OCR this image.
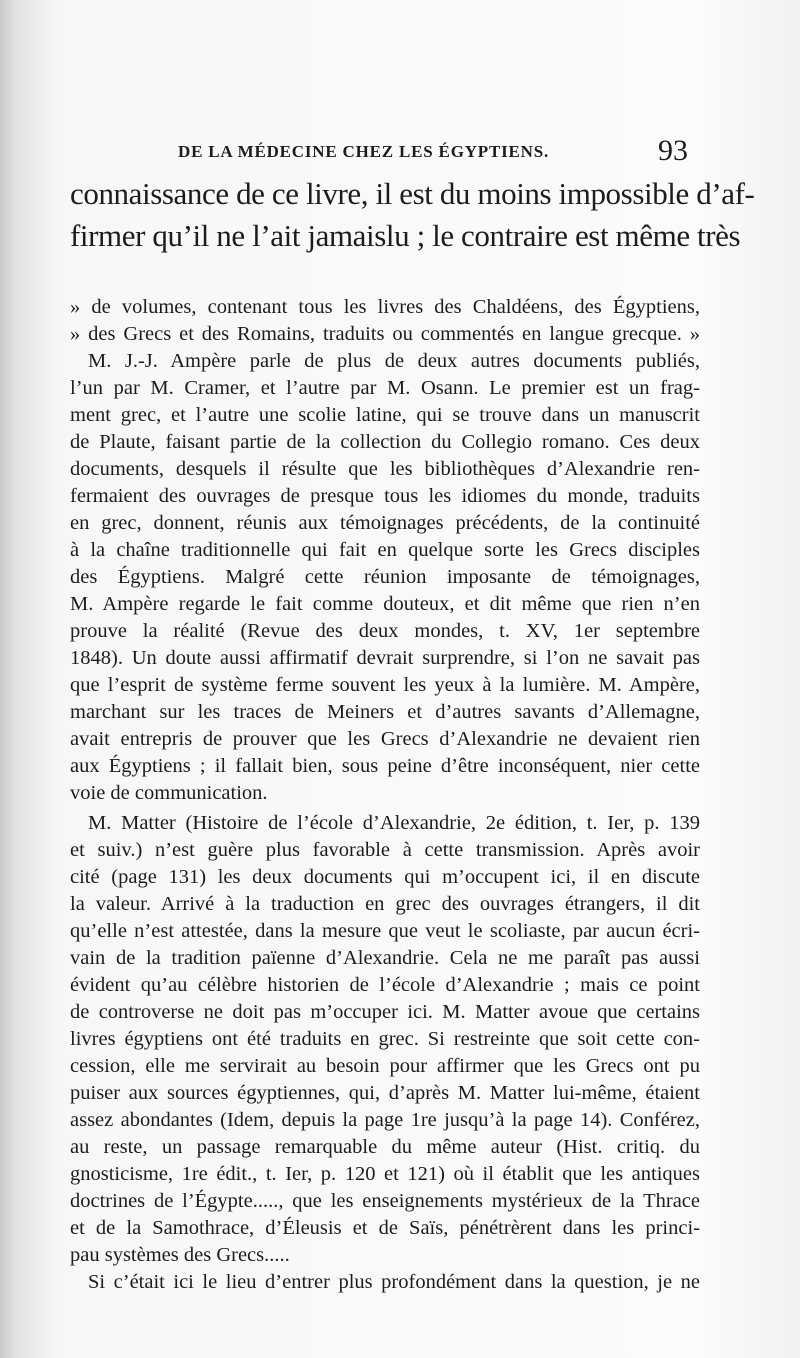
DE LA MÉDECINE CHEZ LES ÉGYPTIENS.	93
connaissance de ce livre, il est du moins impossible d’af-
firmer qu’il ne l’ait jamaislu ; le contraire est même très
» de volumes, contenant tous les livres des Chaldéens, des Égyptiens,
» des Grecs et des Romains, traduits ou commentés en langue grecque. »
M. J.-J. Ampère parle de plus de deux autres documents publiés,
l’un par M. Cramer, et l’autre par M. Osann. Le premier est un frag-
ment grec, et l’autre une scolie latine, qui se trouve dans un manuscrit
de Plaute, faisant partie de la collection du Collegio romano. Ces deux
documents, desquels il résulte que les bibliothèques d’Alexandrie ren-
fermaient des ouvrages de presque tous les idiomes du monde, traduits
en grec, donnent, réunis aux témoignages précédents, de la continuité
à la chaîne traditionnelle qui fait en quelque sorte les Grecs disciples
des Égyptiens. Malgré cette réunion imposante de témoignages,
M. Ampère regarde le fait comme douteux, et dit même que rien n’en
prouve la réalité (Revue des deux mondes, t. XV, 1er septembre
1848). Un doute aussi affirmatif devrait surprendre, si l’on ne savait pas
que l’esprit de système ferme souvent les yeux à la lumière. M. Ampère,
marchant sur les traces de Meiners et d’autres savants d’Allemagne,
avait entrepris de prouver que les Grecs d’Alexandrie ne devaient rien
aux Égyptiens ; il fallait bien, sous peine d’être inconséquent, nier cette
voie de communication.
M. Matter (Histoire de l’école d’Alexandrie, 2e édition, t. Ier, p. 139
et suiv.) n’est guère plus favorable à cette transmission. Après avoir
cité (page 131) les deux documents qui m’occupent ici, il en discute
la valeur. Arrivé à la traduction en grec des ouvrages étrangers, il dit
qu’elle n’est attestée, dans la mesure que veut le scoliaste, par aucun écri-
vain de la tradition païenne d’Alexandrie. Cela ne me paraît pas aussi
évident qu’au célèbre historien de l’école d’Alexandrie ; mais ce point
de controverse ne doit pas m’occuper ici. M. Matter avoue que certains
livres égyptiens ont été traduits en grec. Si restreinte que soit cette con-
cession, elle me servirait au besoin pour affirmer que les Grecs ont pu
puiser aux sources égyptiennes, qui, d’après M. Matter lui-même, étaient
assez abondantes (Idem, depuis la page 1re jusqu’à la page 14). Conférez,
au reste, un passage remarquable du même auteur (Hist. critiq. du
gnosticisme, 1re édit., t. Ier, p. 120 et 121) où il établit que les antiques
doctrines de l’Égypte....., que les enseignements mystérieux de la Thrace
et de la Samothrace, d’Éleusis et de Saïs, pénétrèrent dans les princi-
pau systèmes des Grecs.....
Si c’était ici le lieu d’entrer plus profondément dans la question, je ne
